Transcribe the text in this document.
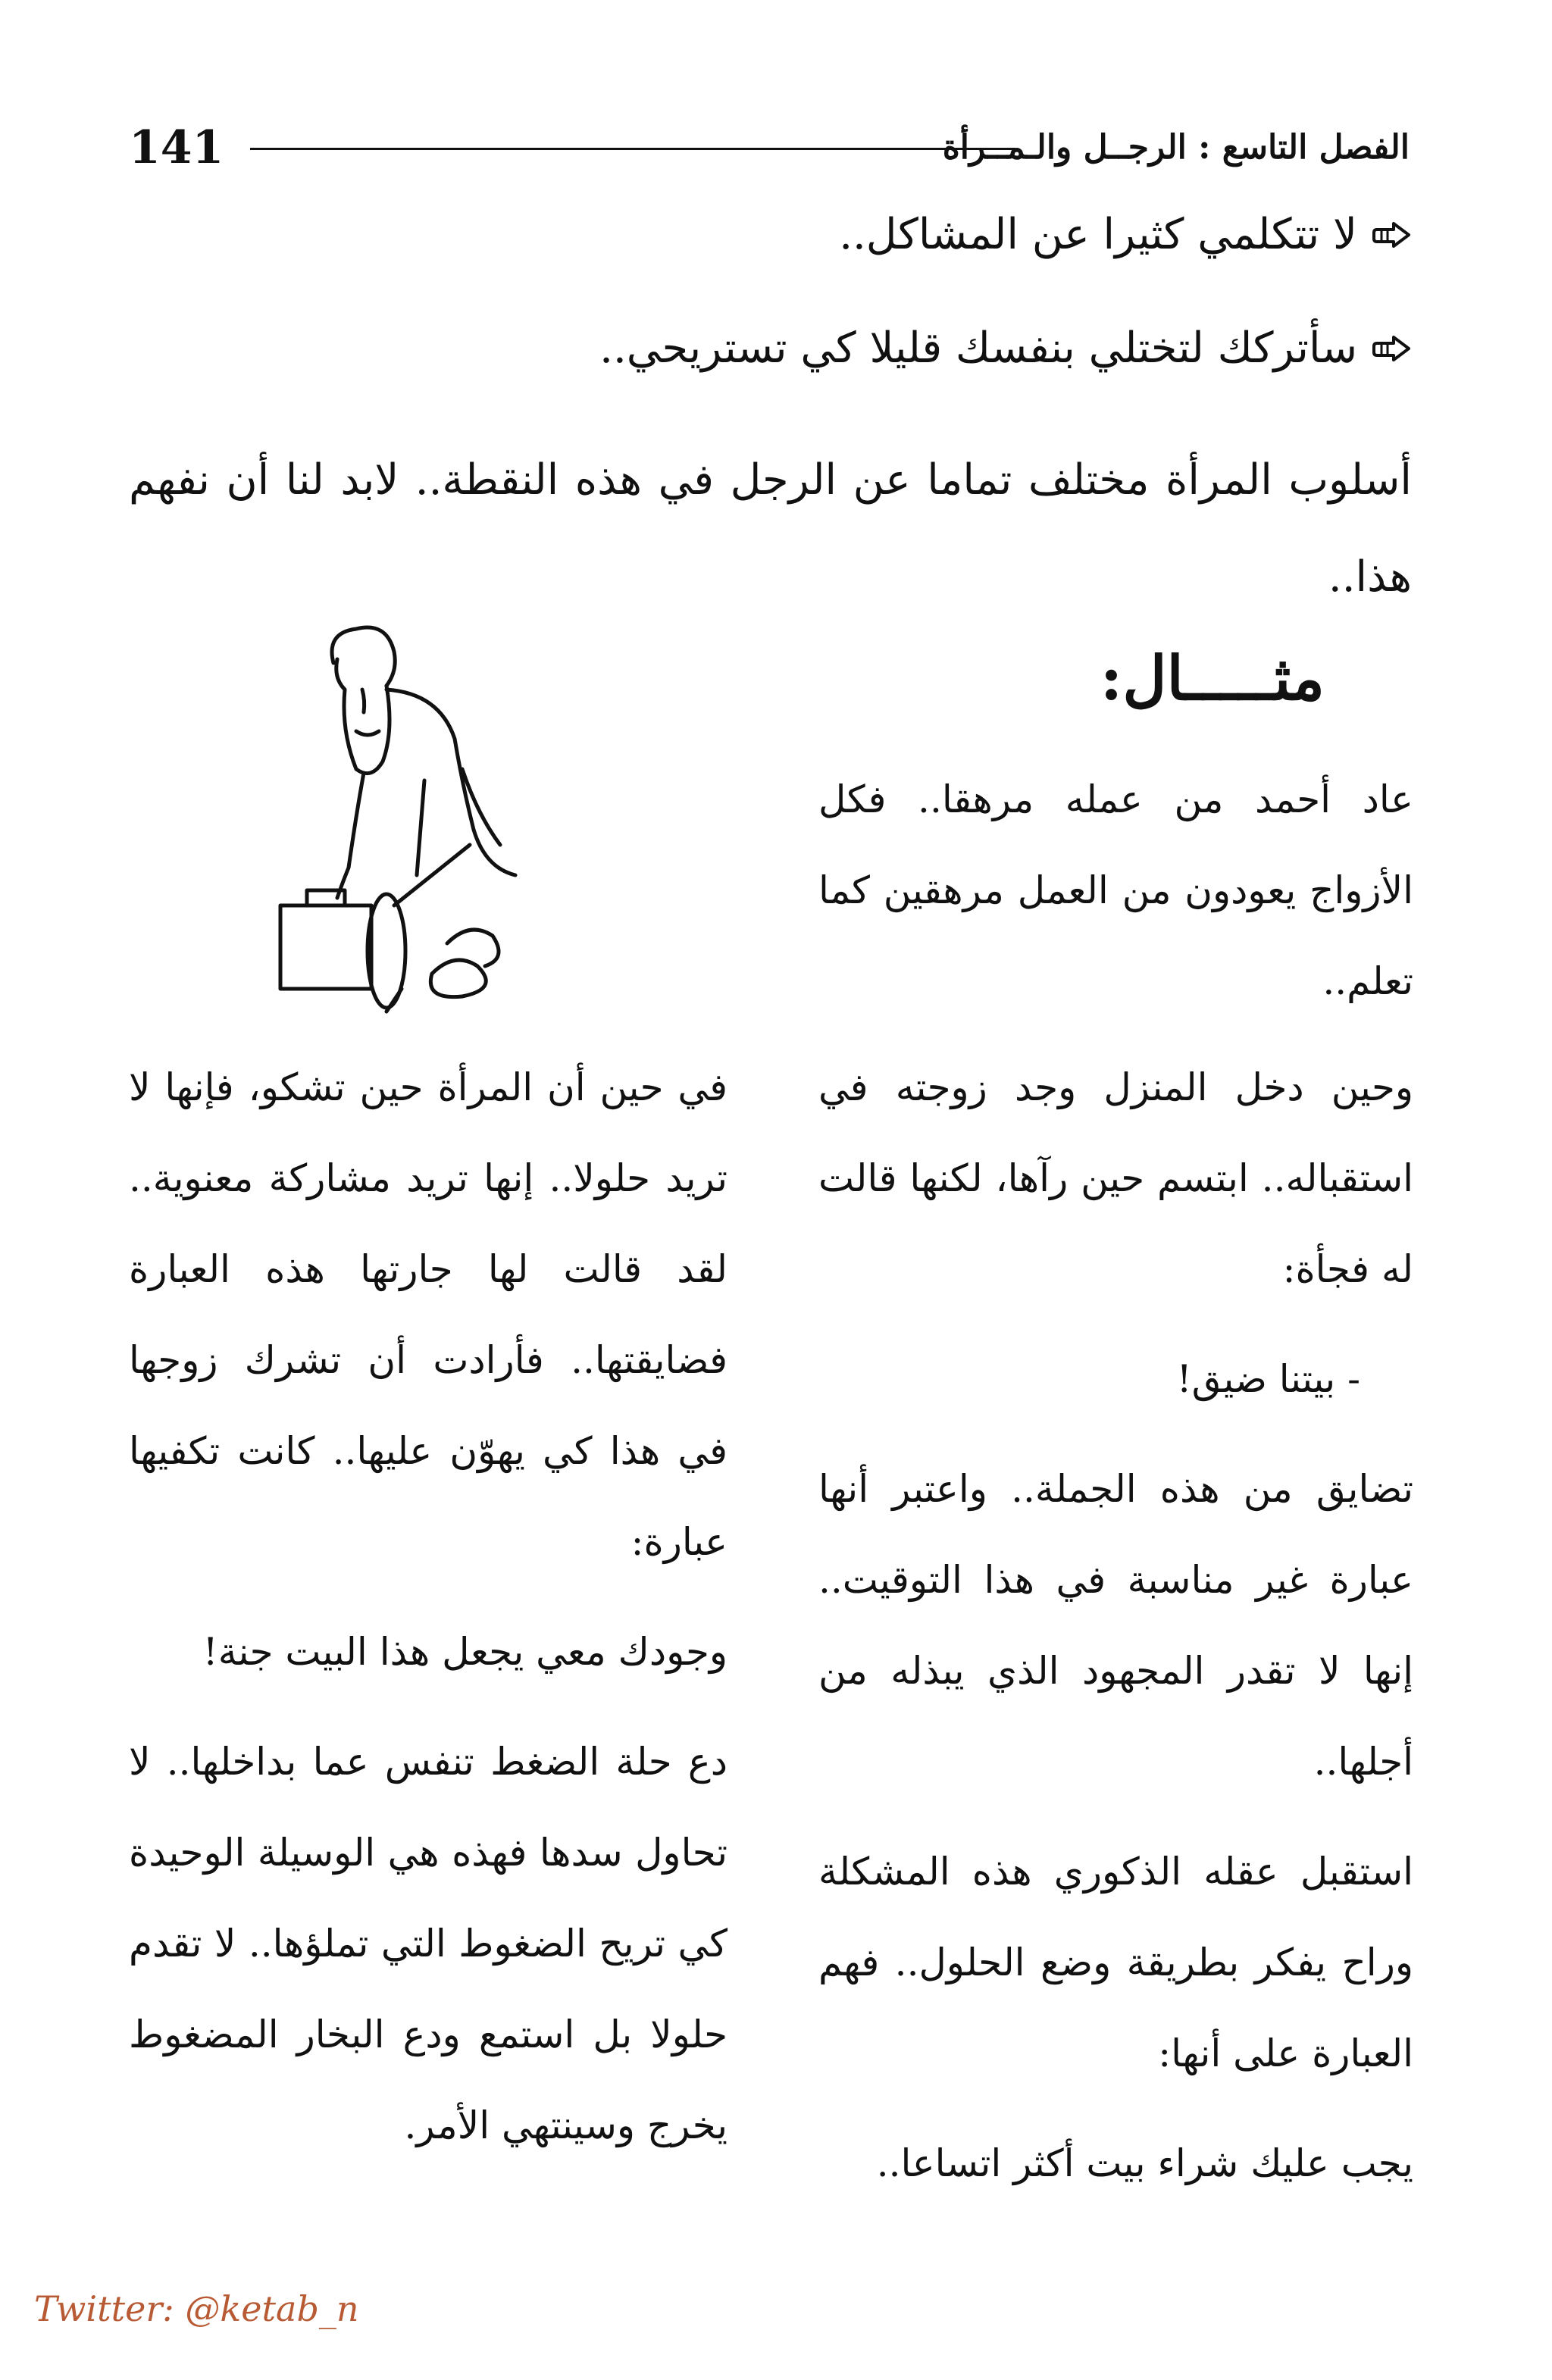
141	الفصل التاسع : الرجــل والـمــرأة
لا تتكلمي كثيرا عن المشاكل..
سأتركك لتختلي بنفسك قليلا كي تستريحي..
أسلوب المرأة مختلف تماما عن الرجل في هذه النقطة.. لابد لنا أن نفهم هذا..
مثـــــال:

عاد أحمد من عمله مرهقا.. فكل الأزواج يعودون من العمل مرهقين كما تعلم..

وحين دخل المنزل وجد زوجته في استقباله.. ابتسم حين رآها، لكنها قالت له فجأة:

- بيتنا ضيق!

تضايق من هذه الجملة.. واعتبر أنها عبارة غير مناسبة في هذا التوقيت.. إنها لا تقدر المجهود الذي يبذله من أجلها..

استقبل عقله الذكوري هذه المشكلة وراح يفكر بطريقة وضع الحلول.. فهم العبارة على أنها:

يجب عليك شراء بيت أكثر اتساعا..

في حين أن المرأة حين تشكو، فإنها لا تريد حلولا.. إنها تريد مشاركة معنوية.. لقد قالت لها جارتها هذه العبارة فضايقتها.. فأرادت أن تشرك زوجها في هذا كي يهوّن عليها.. كانت تكفيها عبارة:

وجودك معي يجعل هذا البيت جنة!

دع حلة الضغط تنفس عما بداخلها.. لا تحاول سدها فهذه هي الوسيلة الوحيدة كي تريح الضغوط التي تملؤها.. لا تقدم حلولا بل استمع ودع البخار المضغوط يخرج وسينتهي الأمر.

Twitter: @ketab_n
